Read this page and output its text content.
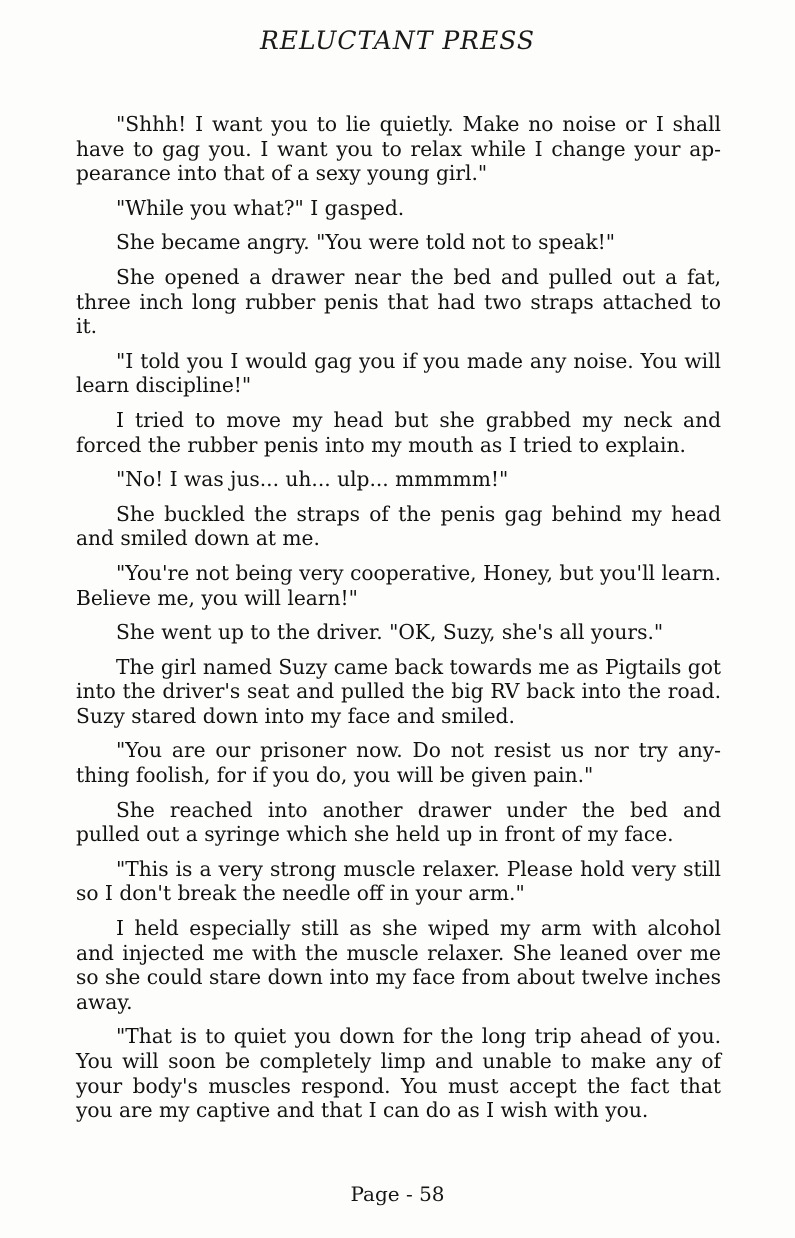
RELUCTANT PRESS

"Shhh! I want you to lie quietly. Make no noise or I shall have to gag you. I want you to relax while I change your ap-pearance into that of a sexy young girl."

"While you what?" I gasped.

She became angry. "You were told not to speak!"

She opened a drawer near the bed and pulled out a fat, three inch long rubber penis that had two straps attached to it.

"I told you I would gag you if you made any noise. You will learn discipline!"

I tried to move my head but she grabbed my neck and forced the rubber penis into my mouth as I tried to explain.

"No! I was jus... uh... ulp... mmmmm!"

She buckled the straps of the penis gag behind my head and smiled down at me.

"You're not being very cooperative, Honey, but you'll learn. Believe me, you will learn!"

She went up to the driver. "OK, Suzy, she's all yours."

The girl named Suzy came back towards me as Pigtails got into the driver's seat and pulled the big RV back into the road. Suzy stared down into my face and smiled.

"You are our prisoner now. Do not resist us nor try any-thing foolish, for if you do, you will be given pain."

She reached into another drawer under the bed and pulled out a syringe which she held up in front of my face.

"This is a very strong muscle relaxer. Please hold very still so I don't break the needle off in your arm."

I held especially still as she wiped my arm with alcohol and injected me with the muscle relaxer. She leaned over me so she could stare down into my face from about twelve inches away.

"That is to quiet you down for the long trip ahead of you. You will soon be completely limp and unable to make any of your body's muscles respond. You must accept the fact that you are my captive and that I can do as I wish with you.

Page - 58
